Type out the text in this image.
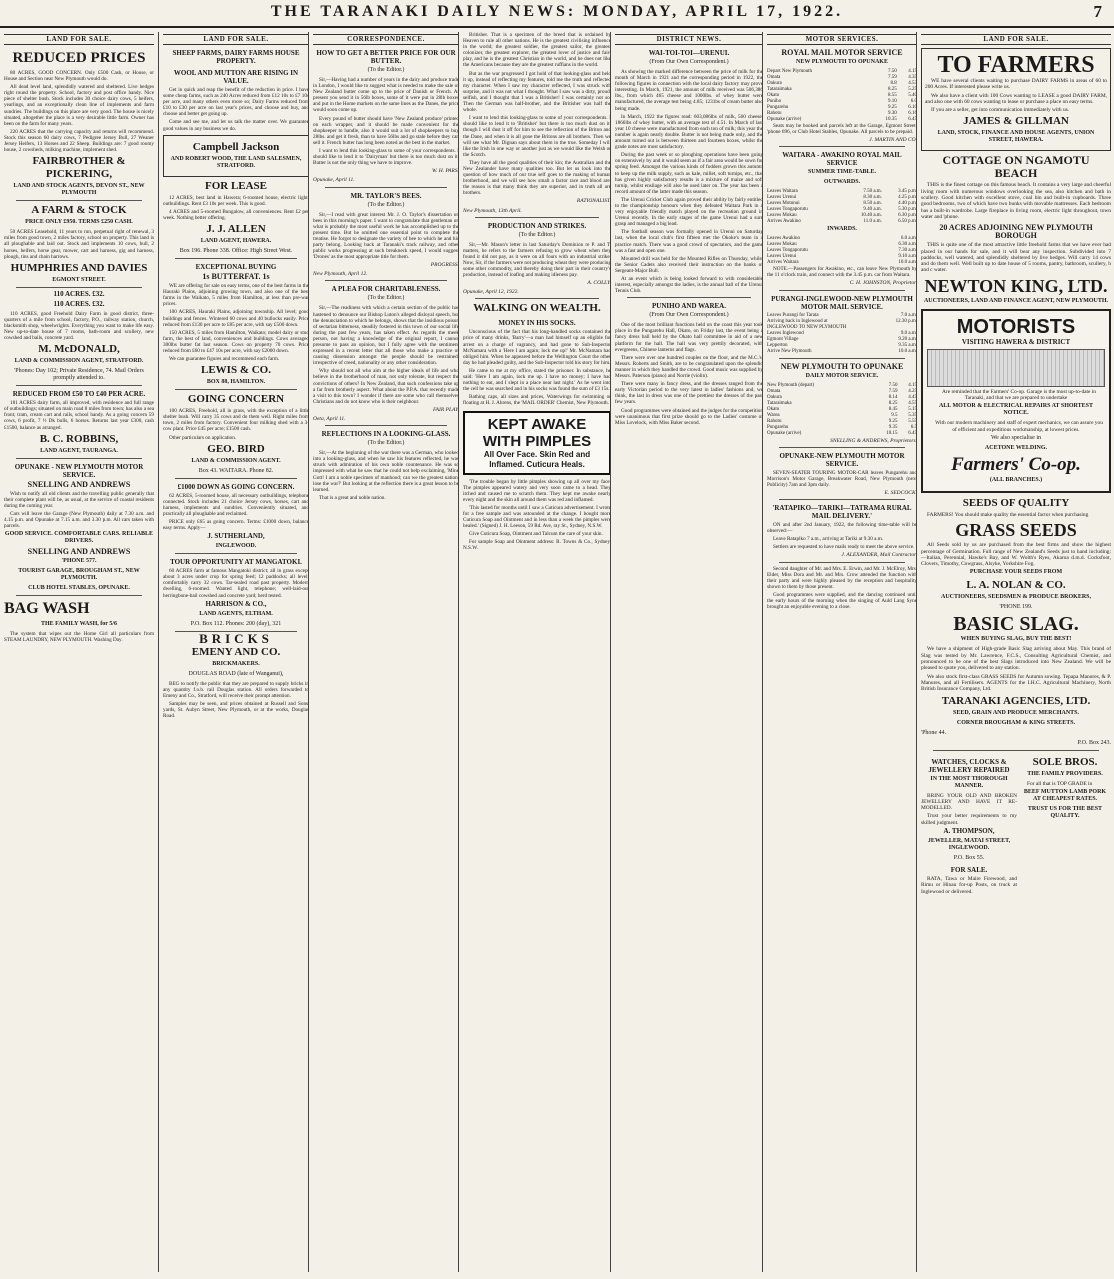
THE TARANAKI DAILY NEWS: MONDAY, APRIL 17, 1922.	7
LAND FOR SALE.
REDUCED PRICES

80 ACRES, GOOD CONCERN. Only £500 Cash, or House, or House and Section near New Plymouth would do.

All dead level land, splendidly watered and sheltered. Live hedges right round the property. School, factory and post office handy. Nice piece of shelter bush. Stock includes 30 choice dairy cows, 5 heifers, yearlings, and an exceptionally clean line of implements and farm sundries. The buildings on this place are very good. The house is nicely situated, altogether the place is a very desirable little farm. Owner has been on the farm for many years.

220 ACRES that the carrying capacity and returns will recommend. Stock this season 60 dairy cows, 7 Pedigree Jersey Bull, 27 Weaner Jersey Heifers, 13 Horses and 22 Sheep. Buildings are: 7 good roomy house, 2 cowsheds, milking machine, implement shed.

FAIRBROTHER & PICKERING,
LAND AND STOCK AGENTS, DEVON ST., NEW PLYMOUTH
A FARM & STOCK
PRICE ONLY £950. TERMS £250 CASH.

50 ACRES Leasehold, 11 years to run, perpetual right of renewal, 3 miles from good town, 2 miles factory, school on property. This land is all ploughable and laid out. Stock and implements 10 cows, bull, 2 horses, heifers, horse gear, mower, cart and harness, gig and harness, plough, tins and chain harrows.

HUMPHRIES AND DAVIES
EGMONT STREET.
110 ACRES. £32.
110 ACRES. £32.

110 ACRES, good Freehold Dairy Farm in good district, three-quarters of a mile from school, factory, P.O., railway station, church, blacksmith shop, wheelwrights. Everything you want to make life easy. New up-to-date house of 7 rooms, bath-room and scullery, new cowshed and bails, concrete yard.

M. McDONALD,
LAND & COMMISSION AGENT, STRATFORD.
'Phones: Day 102; Private Residence, 74. Mail Orders promptly attended to.
REDUCED FROM £50 TO £40 PER ACRE.

181 ACRES dairy farm, all improved, with residence and full range of outbuildings; situated on main road 8 miles from town; has also a sea front; tram, cream cart and rails, school handy. As a going concern 59 cows, 6 profit, 7 ½ Dk bulls, 6 horses. Returns last year £300, cash £1500, balance as arranged.

B. C. ROBBINS,
LAND AGENT, TAURANGA.
OPUNAKE - NEW PLYMOUTH MOTOR SERVICE.
SNELLING AND ANDREWS

Wish to notify all old clients and the travelling public generally that their complete plant will be, as usual, at the service of coastal residents during the coming year.

Cars will leave the Garage (New Plymouth) daily at 7.30 a.m. and 4.15 p.m. and Opunake at 7.15 a.m. and 3.30 p.m. All cars taken with parcels.

GOOD SERVICE. COMFORTABLE CARS. RELIABLE DRIVERS.
SNELLING AND ANDREWS
'PHONE 577.
TOURIST GARAGE, BROUGHAM ST., NEW PLYMOUTH.
CLUB HOTEL STABLES, OPUNAKE.
BAG WASH
THE FAMILY WASH, for 5/6

The system that wipes out the Home Girl all particulars from STEAM LAUNDRY, NEW PLYMOUTH. Washing Day.

LAND FOR SALE.
SHEEP FARMS, DAIRY FARMS HOUSE PROPERTY.
WOOL AND MUTTON ARE RISING IN VALUE.

Get in quick and reap the benefit of the reduction in price. I have some cheap farms, such as 240 Acres reduced from £12 10s to £7 10s per acre, and many others even more so; Dairy Farms reduced from £10 to £30 per acre on last year's prices, and choose and buy, and choose and better get going up.

Come and see me, and let us talk the matter over. We guarantee good values in any business we do.

Campbell Jackson
AND ROBERT WOOD, THE LAND SALESMEN, STRATFORD.
FOR LEASE

12 ACRES, best land in Hawera; 6-roomed house, electric light, outbuildings. Rent £3 10s per week. This is good.

4 ACRES and 5-roomed Bungalow, all conveniences. Rent £2 per week. Nothing better offering.

J. J. ALLEN
LAND AGENT, HAWERA.
Box 196. Phone 338. Office: High Street West.
EXCEPTIONAL BUYING
1s BUTTERFAT. 1s

WE are offering for sale on easy terms, one of the best farms in the Hauraki Plains, adjoining growing town, and also one of the best farms in the Waikato, 5 miles from Hamilton, at less than pre-war prices.

100 ACRES, Hauraki Plains, adjoining township. All level; good buildings and fences. Wintered 60 cows and 40 bullocks easily. Price reduced from £130 per acre to £85 per acre, with say £500 down.

150 ACRES, 5 miles from Hamilton, Waikato; model dairy or stud farm, the best of land, conveniences and buildings. Cows averaged 300lbs butter fat last season. Cows on property 70 cows. Price reduced from £60 to £47 10s per acre, with say £2000 down.

We can guarantee figures and recommend each farm.

LEWIS & CO.
BOX 88, HAMILTON.
GOING CONCERN

100 ACRES, Freehold, all in grass, with the exception of a little shelter bush. Will carry 35 cows and do them well. Right miles from town, 2 miles from factory. Convenient four milking shed with a 3-cow plant. Price £45 per acre; £1500 cash.

Other particulars on application.

GEO. BIRD
LAND & COMMISSION AGENT.
Box 43. WAITARA. Phone 82.
£1000 DOWN AS GOING CONCERN.

62 ACRES, 5-roomed house, all necessary outbuildings, telephone connected. Stock includes 21 choice Jersey cows, horses, cart and harness, implements and sundries. Conveniently situated, and practically all ploughable and reclaimed.

PRICE only £65 as going concern. Terms: £1000 down, balance easy terms. Apply—

J. SUTHERLAND,
INGLEWOOD.
TOUR OPPORTUNITY AT MANGATOKI.

60 ACRES farm at famous Mangatoki district; all in grass except about 3 acres under crop for spring feed; 12 paddocks; all level; comfortably carry 32 cows. Tar-sealed road past property. Modern dwelling, 6-roomed. Wanted light, telephone; well-laid-out herringbone-bail cowshed and concrete yard; herd tested.

HARRISON & CO.,
LAND AGENTS, ELTHAM.
P.O. Box 112. Phones: 200 (day), 321
BRICKS
EMENY AND CO.
BRICKMAKERS.
DOUGLAS ROAD (late of Wanganui),

BEG to notify the public that they are prepared to supply bricks in any quantity f.o.b. rail Douglas station. All orders forwarded to Emeny and Co., Stratford, will receive their prompt attention.

Samples may be seen, and prices obtained at Russell and Sons' yards, St. Aubyn Street, New Plymouth, or at the works, Douglas Road.

CORRESPONDENCE.
HOW TO GET A BETTER PRICE FOR OUR BUTTER.
(To the Editor.)

Sir,—Having had a number of years in the dairy and produce trade in London, I would like to suggest what is needed to make the sale of New Zealand butter come up to the price of Danish or French. At present you send it in 56lb boxes, some of it were put in 28lb boxes and put in the Home markets on the same lines as the Danes, the price would soon come up.

Every pound of butter should have 'New Zealand produce' printed on each wrapper, and it should be made convenient for the shopkeeper to handle, also it would suit a lot of shopkeepers to buy 28lbs. and get it fresh, than to have 56lbs and go stale before they can sell it. French butter has long been noted as the best in the market.

I want to lend this looking-glass to some of your correspondents. I should like to lend it to 'Dairyman' but there is too much dust on it. Butter is not the only thing we have to improve.

W. H. PARS.
Opunake, April 11.
MR. TAYLOR'S BEES.
(To the Editor.)

Sir,—I read with great interest Mr. J. O. Taylor's dissertation on bees in this morning's paper. I want to congratulate that gentleman on what is probably the most useful work he has accomplished up to the present time. But he omitted one essential point to complete the treatise. He forgot to designate the variety of bee to which he and his party belong. Looking back at Taranaki's track railway, and other public works progressing at such breakneck speed, I would suggest 'Drones' as the most appropriate title for them.

PROGRESS.
New Plymouth, April 12.
A PLEA FOR CHARITABLENESS.
(To the Editor.)

Sir,—The readiness with which a certain section of the public has hastened to denounce our Bishop Luton's alleged disloyal speech, but the denunciation to which he belongs, shows that the insidious poison of sectarian bitterness, steadily fostered in this town of our social life during the past few years, has taken effect. As regards the meek person, not having a knowledge of the original report, I cannot presume to pass an opinion, but I fully agree with the sentiment expressed in a recent letter that all those who make a practice of causing dissension amongst the people should be restrained, irrespective of creed, nationality or any other consideration.

Why should not all who aim at the higher ideals of life and who believe in the brotherhood of man, not only tolerate, but respect the convictions of others? In New Zealand, that such confessions take up a far from brotherly aspect. What about the P.P.A. that recently made a visit to this town? I wonder if there are some who call themselves Christians and do not know who is their neighbour.

FAIR PLAY.
Oeta, April 11.
REFLECTIONS IN A LOOKING-GLASS.
(To the Editor.)

Sir,—At the beginning of the war there was a German, who looked into a looking-glass, and when he saw his features reflected, he was struck with admiration of his own noble countenance. He was so impressed with what he saw that he could not help exclaiming, 'Mine Gott! I am a noble specimen of manhood; can we the greatest nation, lose the war?' But looking at the reflection there is a great lesson to be learned.

That is a great and noble nation.

Britisher. That is a specimen of the breed that is ordained by Heaven to rule all other nations. He is the greatest civilising influence in the world; the greatest soldier, the greatest sailor, the greatest colonizer, the greatest explorer, the greatest lover of justice and fair-play, and he is the greatest Christian in the world, and he does not like the Americans because they are the greatest ruffians in the world.

But as the war progressed I got hold of that looking-glass and held it up, instead of reflecting my features, told me the truth and reflected my character. When I saw my character reflected, I was struck with surprise, and it was not what I thought. What I saw was a dirty, proud, selfish, and I thought that I was a Britisher! I was certainly not so. Then the German was half-brother, and the Britisher was half the whole.

I want to lend this looking-glass to some of your correspondents. I should like to lend it to 'Britisher' but there is too much dust on it, though I will dust it off for him to see the reflection of the Briton and the Dane, and when it is all gone the Britons are all brothers. Then we will see what Mr. Dignan says about them in the true. Someday I will like the Irish in one way or another just as we would like the Welsh or the Scotch.

They have all the good qualities of their kin; the Australian and the New Zealander have many qualities too. But let us look into the question of how much of our true self goes to the making of human brotherhood, and we will see how small a factor race and blood are, the reason is that many think they are superior, and in truth all are brothers.

RATIONALIST.
New Plymouth, 13th April.
PRODUCTION AND STRIKES.
(To the Editor.)

Sir,—Mr. Mason's letter in last Saturday's Dominion re P. and T. matters, he refers to the farmers refusing to grow wheat when they found it did not pay, as it were on all fours with an industrial strike. Now, Sir, if the farmers were not producing wheat they were producing some other commodity, and thereby doing their part in their country's production, instead of loafing and making idleness pay.

A. COLLY.
Opunake, April 12, 1922.
WALKING ON WEALTH.
MONEY IN HIS SOCKS.

Unconscious of the fact that his long-handled socks contained the price of many drinks, 'Barry'—a man had himself up an eligible for arrest on a charge of vagrancy, and had gone to Sub-Inspector McNamara with a 'Here I am again; lock me up!' Mr. McNamara had obliged him. When he appeared before the Wellington Court the other day he had pleaded guilty, and the Sub-Inspector told his story for him.

He came to me at my office, stated the prisoner. In substance, he said: 'Here I am again, lock me up. I have no money; I have had nothing to eat, and I slept in a place near last night.' As he went into the cell he was searched and in his socks was found the sum of £3 15s.

Bathing caps, all sizes and prices, Waterwings for swimming or floating at H. J. Ahrens, the 'MAIL ORDER' Chemist, New Plymouth.

KEPT AWAKE
WITH PIMPLES
All Over Face. Skin Red and Inflamed. Cuticura Heals.

'The trouble began by little pimples showing up all over my face. The pimples appeared watery and very soon came to a head. They itched and caused me to scratch them. They kept me awake nearly every night and the skin all around them was red and inflamed.

'This lasted for months until I saw a Cuticura advertisement. I wrote for a free sample and was astounded at the change. I bought more Cuticura Soap and Ointment and in less than a week the pimples were healed.' (Signed) J. H. Leeson, 59 Rd. Ave, ray St., Sydney, N.S.W.

Give Cuticura Soap, Ointment and Talcum the care of your skin.

For sample Soap and Ointment address: R. Towns & Co., Sydney, N.S.W.

DISTRICT NEWS.
WAI-TOI-TOI—URENUI.
(From Our Own Correspondent.)

As showing the marked difference between the price of milk for the month of March in 1921 and the corresponding period in 1922, the following figures in connection with the local dairy factory may prove interesting. In March, 1921, the amount of milk received was 506,386 lbs., from which 465 cheese and 1000lbs. of whey butter were manufactured, the average test being 4.85; 1231bs of cream butter also being made.

In March, 1922 the figures read: 603,086lbs of milk, 560 cheese, 1866lbs of whey butter, with an average test of 4.51. In March of last year 10 cheese were manufactured from each ton of milk; this year the number is again nearly double. Butter is not being made only, and the amount turned out is between thirteen and fourteen boxes, whilst the grade notes are most satisfactory.

During the past week or so ploughing operations have been going on extensively by and it would seem as if a fair area would be sown for spring feed. Amongst the various kinds of fodders grown this autumn to keep up the milk supply, such as kale, millet, soft turnips, etc., that has given highly satisfactory results is a mixture of maize and soft turnip, whilst ensilage will also be used later on. The year has been a record amount of the latter made this season.

The Urenui Cricket Club again proved their ability by fairly entitled to the championship honours when they defeated Waitara Park in a very enjoyable friendly match played on the recreation ground in Urenui recently. In the early stages of the game Urenui had a sure grasp and managed a big lead.

The football season was formally opened in Urenui on Saturday last, when the local club's first fifteen met the Okoke's team in a practice match. There was a good crowd of spectators, and the game was a fast and open one.

Mounted drill was held for the Mounted Rifles on Thursday, whilst the Senior Cadets also received their instruction on the banks of Sergeant-Major Bull.

At an event which is being looked forward to with considerable interest, especially amongst the ladies, is the annual ball of the Urenui Tennis Club.

PUNIHO AND WAREA.
(From Our Own Correspondent.)

One of the most brilliant functions held on the coast this year took place in the Pungarehu Hall, Okato, on Friday last, the event being a fancy dress ball held by the Okato hall committee in aid of a new platform for the hall. The hall was very prettily decorated, with evergreens, Chinese lanterns and flags.

There were over one hundred couples on the floor, and the M.C.'s, Messrs. Roberts and Smith, are to be congratulated upon the splendid manner in which they handled the crowd. Good music was supplied by Messrs. Paterson (piano) and Norrie (violin).

There were many in fancy dress, and the dresses ranged from the early Victorian period to the very latest in ladies' fashions and, we think, the last in dress was one of the prettiest the dresses of the past few years.

Good programmes were obtained and the judges for the competition were unanimous that first prize should go to the Ladies' costume of Miss Lovelock, with Miss Baker second.

MOTOR SERVICES.
ROYAL MAIL MOTOR SERVICE
NEW PLYMOUTH TO OPUNAKE
Depart New Plymouth	7.50	4.15
Omata	7.59	4.35
Oakura	8.8	4.53
Tataraimaka	8.25	5.25
Okato	8.55	5.40
Puniho	9.10	6.0
Pungarehu	9.25	6.10
Rahotu	9.30	6.16
Opunake (arrive)	10.35	6.45

Seats may be booked and parcels left at the Garage, Egmont Street, 'phone 696, or Club Hotel Stables, Opunake. All parcels to be prepaid.

J. MARTIN AND CO.
WAITARA - AWAKINO ROYAL MAIL SERVICE
SUMMER TIME-TABLE.
OUTWARDS.
Leaves Waitara	7.50 a.m.	3.45 p.m.
Leaves Urenui	8.30 a.m.	4.25 p.m.
Leaves Motunui	8.50 a.m.	4.40 p.m.
Leaves Tongaporutu	9.40 a.m.	5.30 p.m.
Leaves Mokau	10.40 a.m.	6.30 p.m.
Arrives Awakino	11.0 a.m.	6.50 p.m.
INWARDS.
Leaves Awakino	6.0 a.m.
Leaves Mokau	6.30 a.m.
Leaves Tongaporutu	7.30 a.m.
Leaves Urenui	9.10 a.m.
Arrives Waitara	10.0 a.m.

NOTE.—Passengers for Awakino, etc., can leave New Plymouth by the 11 o'clock train, and connect with the 3.45 p.m. car from Waitara.

C. H. JOHNSTON, Proprietor.
PURANGI-INGLEWOOD-NEW PLYMOUTH MOTOR MAIL SERVICE.
Leaves Purangi for Tarata	7.0 a.m.
Arriving back in Inglewood at	12.30 p.m.
INGLEWOOD TO NEW PLYMOUTH	
Leaves Inglewood	9.0 a.m.
Egmont Village	9.20 a.m.
Lepperton	9.35 a.m.
Arrive New Plymouth	10.0 a.m.
NEW PLYMOUTH TO OPUNAKE
DAILY MOTOR SERVICE.
New Plymouth (depart)	7.50	4.15
Omata	7.59	4.25
Oakura	8.14	4.45
Tataraimaka	8.25	4.55
Okato	8.45	5.15
Warea	9.5	5.35
Rahotu	9.25	5.55
Pungarehu	9.35	6.5
Opunake (arrive)	10.15	6.45
SNELLING & ANDREWS, Proprietors.
OPUNAKE-NEW PLYMOUTH MOTOR SERVICE.

SEVEN-SEATER TOURING MOTOR-CAR leaves Pungarehu and Morrison's Motor Garage, Breakwater Road, New Plymouth (next Publicity) 7am and 3pm daily.

E. SEDCOCK.
'RATAPIKO—TARIKI—TATRAMA RURAL MAIL DELIVERY.'

ON and after 2nd January, 1922, the following time-table will be observed:—

Leave Rataplko 7 a.m., arriving at Tariki at 9.30 a.m.

Settlers are requested to have mails ready to meet the above service.

J. ALEXANDER, Mail Contractor.

Second daughter of Mr. and Mrs. E. Erwin, and Mr. J. McElroy, Mrs. Elder, Miss Dora and Mr. and Mrs. Crow attended the function with their party and were highly pleased by the reception and hospitality shown to them by those present.

Good programmes were supplied, and the dancing continued until the early hours of the morning when the singing of Auld Lang Syne brought an enjoyable evening to a close.

LAND FOR SALE.
TO FARMERS

WE have several clients waiting to purchase DAIRY FARMS in areas of 60 to 200 Acres. If interested please write us.

We also have a client with 100 Cows wanting to LEASE a good DAIRY FARM, and also one with 60 cows wanting to lease or purchase a place on easy terms.

If you are a seller, get into communication immediately with us.

JAMES & GILLMAN
LAND, STOCK, FINANCE AND HOUSE AGENTS, UNION STREET, HAWERA.
COTTAGE ON NGAMOTU BEACH

THIS is the finest cottage on this famous beach. It contains a very large and cheerful living room with numerous windows overlooking the sea, also kitchen and bath in scullery. Good kitchen with excellent stove, coal bin and built-in cupboards. Three good bedrooms, two of which have two bunks with movable mattresses. Each bedroom has a built-in wardrobe. Large fireplace in living room, electric light throughout, town water and 'phone.

20 ACRES ADJOINING NEW PLYMOUTH BOROUGH

THIS is quite one of the most attractive little freehold farms that we have ever had placed in our hands for sale, and it will bear any inspection. Subdivided into 7 paddocks, well watered, and splendidly sheltered by live hedges. Will carry 14 cows and do them well. Well built up to date house of 5 rooms, pantry, bathroom, scullery, h and c water.

NEWTON KING, LTD.
AUCTIONEERS, LAND AND FINANCE AGENT, NEW PLYMOUTH.
MOTORISTS
VISITING HAWERA & DISTRICT

Are reminded that the Farmers' Co-op. Garage is the most up-to-date in Taranaki, and that we are prepared to undertake

ALL MOTOR & ELECTRICAL REPAIRS AT SHORTEST NOTICE.

With our modern machinery and staff of expert mechanics, we can assure you of efficient and expeditious workmanship, at lowest prices.

We also specialise in
ACETONE WELDING.
Farmers' Co-op.
(ALL BRANCHES.)
SEEDS OF QUALITY

FARMERS! You should make quality the essential factor when purchasing

GRASS SEEDS

All Seeds sold by us are purchased from the best firms and show the highest percentage of Germination. Full range of New Zealand's Seeds just to hand including:—Italian, Perennial, Hawke's Bay, and W. Wolth's Ryes, Akaroa d.m.d. Cocksfoot, Clovers, Timothy, Cowgrass, Alsyke, Yorkshire Fog.

PURCHASE YOUR SEEDS FROM
L. A. NOLAN & CO.
AUCTIONEERS, SEEDSMEN & PRODUCE BROKERS,
'PHONE 199.
BASIC SLAG.
WHEN BUYING SLAG, BUY THE BEST!

We have a shipment of High-grade Basic Slag arriving about May. This brand of Slag was tested by Mr. Lawrence, F.C.S., Consulting Agricultural Chemist, and pronounced to be one of the best Slags introduced into New Zealand. We will be pleased to quote you, delivered to any station.

We also stock first-class GRASS SEEDS for Autumn sowing. Tepapa Manures, & P. Manures, and all Fertilisers. AGENTS for the I.H.C. Agricultural Machinery, North British Insurance Company, Ltd.

TARANAKI AGENCIES, LTD.
SEED, GRAIN AND PRODUCE MERCHANTS.
CORNER BROUGHAM & KING STREETS.
'Phone 44.
P.O. Box 243.
WATCHES, CLOCKS & JEWELLERY REPAIRED
IN THE MOST THOROUGH MANNER.

BRING YOUR OLD AND BROKEN JEWELLERY AND HAVE IT RE-MODELLED.

Trust your better requirements to my skilled judgment.

A. THOMPSON,
JEWELLER, MATAI STREET, INGLEWOOD.
P.O. Box 55.
FOR SALE.

RATA, Tawa or Maire Firewood, and Rimu or Hinau for-up Posts, on truck at Inglewood or delivered.

SOLE BROS.
THE FAMILY PROVIDERS.

For all that is TOP GRADE in

BEEF MUTTON LAMB PORK AT CHEAPEST RATES.
TRUST US FOR THE BEST QUALITY.
